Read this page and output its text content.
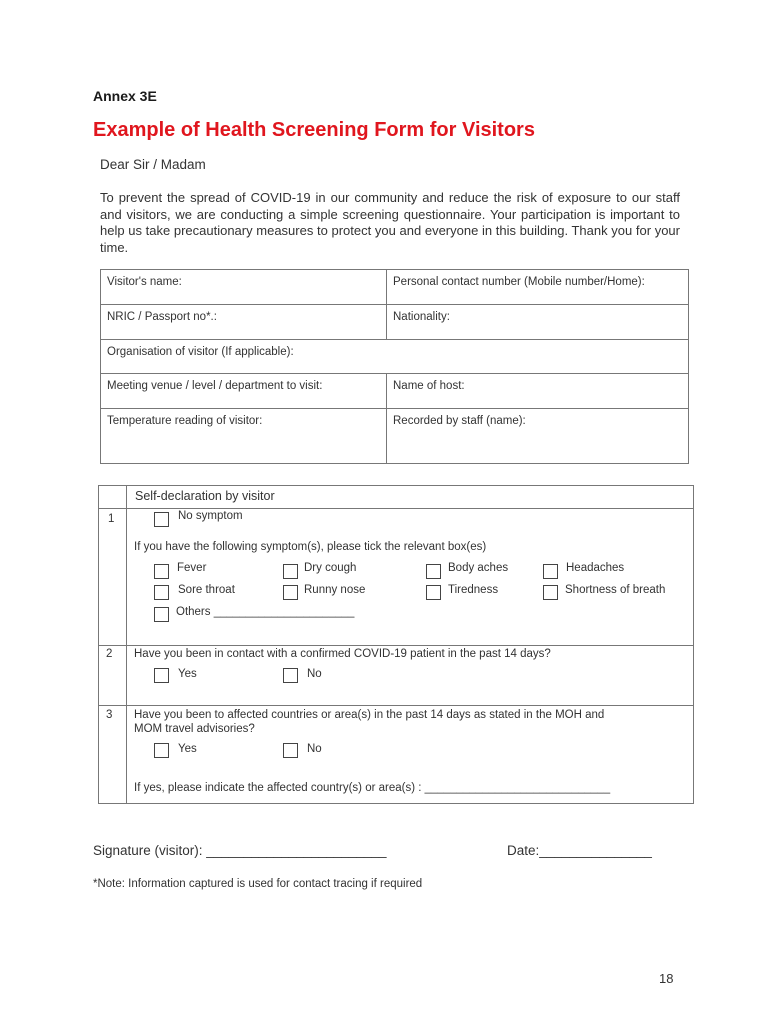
Annex 3E
Example of Health Screening Form for Visitors
Dear Sir / Madam
To prevent the spread of COVID-19 in our community and reduce the risk of exposure to our staff and visitors, we are conducting a simple screening questionnaire. Your participation is important to help us take precautionary measures to protect you and everyone in this building. Thank you for your time.
Visitor's name:	Personal contact number (Mobile number/Home):
NRIC / Passport no*.:	Nationality:
Organisation of visitor (If applicable):
Meeting venue / level / department to visit:	Name of host:
Temperature reading of visitor:	Recorded by staff (name):
Self-declaration by visitor
1	No symptom
If you have the following symptom(s), please tick the relevant box(es)
Fever	Dry cough	Body aches	Headaches
Sore throat	Runny nose	Tiredness	Shortness of breath
Others ______________________
2 Have you been in contact with a confirmed COVID-19 patient in the past 14 days?
Yes	No
3 Have you been to affected countries or area(s) in the past 14 days as stated in the MOH and
MOM travel advisories?
Yes	No
If yes, please indicate the affected country(s) or area(s) : _____________________________
Signature (visitor): ________________________	Date:_______________
*Note: Information captured is used for contact tracing if required
18
